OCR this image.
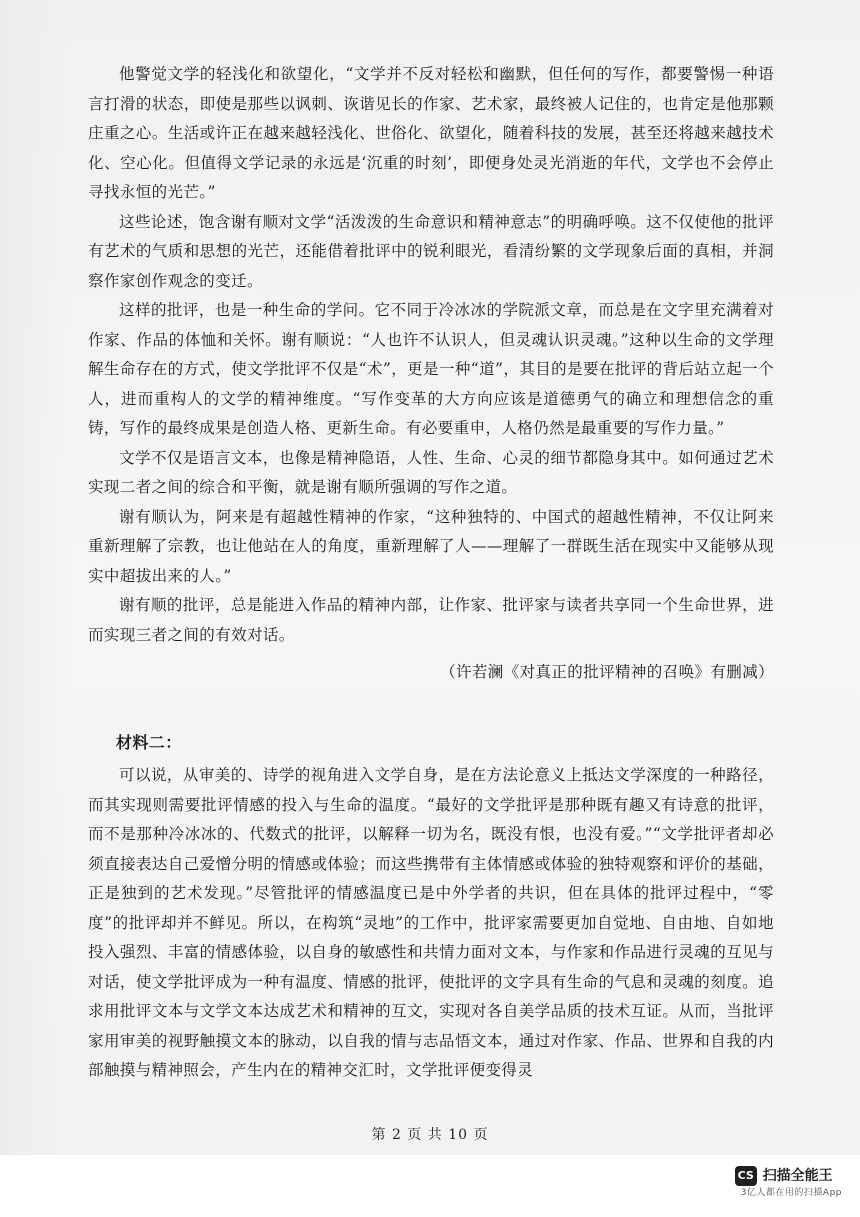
他警觉文学的轻浅化和欲望化，“文学并不反对轻松和幽默，但任何的写作，都要警惕一种语言打滑的状态，即使是那些以讽刺、诙谐见长的作家、艺术家，最终被人记住的，也肯定是他那颗庄重之心。生活或许正在越来越轻浅化、世俗化、欲望化，随着科技的发展，甚至还将越来越技术化、空心化。但值得文学记录的永远是‘沉重的时刻’，即便身处灵光消逝的年代，文学也不会停止寻找永恒的光芒。”

这些论述，饱含谢有顺对文学“活泼泼的生命意识和精神意志”的明确呼唤。这不仅使他的批评有艺术的气质和思想的光芒，还能借着批评中的锐利眼光，看清纷繁的文学现象后面的真相，并洞察作家创作观念的变迁。

这样的批评，也是一种生命的学问。它不同于冷冰冰的学院派文章，而总是在文字里充满着对作家、作品的体恤和关怀。谢有顺说：“人也许不认识人，但灵魂认识灵魂。”这种以生命的文学理解生命存在的方式，使文学批评不仅是“术”，更是一种“道”，其目的是要在批评的背后站立起一个人，进而重构人的文学的精神维度。“写作变革的大方向应该是道德勇气的确立和理想信念的重铸，写作的最终成果是创造人格、更新生命。有必要重申，人格仍然是最重要的写作力量。”

文学不仅是语言文本，也像是精神隐语，人性、生命、心灵的细节都隐身其中。如何通过艺术实现二者之间的综合和平衡，就是谢有顺所强调的写作之道。

谢有顺认为，阿来是有超越性精神的作家，“这种独特的、中国式的超越性精神，不仅让阿来重新理解了宗教，也让他站在人的角度，重新理解了人——理解了一群既生活在现实中又能够从现实中超拔出来的人。”

谢有顺的批评，总是能进入作品的精神内部，让作家、批评家与读者共享同一个生命世界，进而实现三者之间的有效对话。

（许若澜《对真正的批评精神的召唤》有删减）

材料二：

可以说，从审美的、诗学的视角进入文学自身，是在方法论意义上抵达文学深度的一种路径，而其实现则需要批评情感的投入与生命的温度。“最好的文学批评是那种既有趣又有诗意的批评，而不是那种冷冰冰的、代数式的批评，以解释一切为名，既没有恨，也没有爱。”“文学批评者却必须直接表达自己爱憎分明的情感或体验；而这些携带有主体情感或体验的独特观察和评价的基础，正是独到的艺术发现。”尽管批评的情感温度已是中外学者的共识，但在具体的批评过程中，“零度”的批评却并不鲜见。所以，在构筑“灵地”的工作中，批评家需要更加自觉地、自由地、自如地投入强烈、丰富的情感体验，以自身的敏感性和共情力面对文本，与作家和作品进行灵魂的互见与对话，使文学批评成为一种有温度、情感的批评，使批评的文字具有生命的气息和灵魂的刻度。追求用批评文本与文学文本达成艺术和精神的互文，实现对各自美学品质的技术互证。从而，当批评家用审美的视野触摸文本的脉动，以自我的情与志品悟文本，通过对作家、作品、世界和自我的内部触摸与精神照会，产生内在的精神交汇时，文学批评便变得灵

第 2 页 共 10 页
CS 扫描全能王
3亿人都在用的扫描App
